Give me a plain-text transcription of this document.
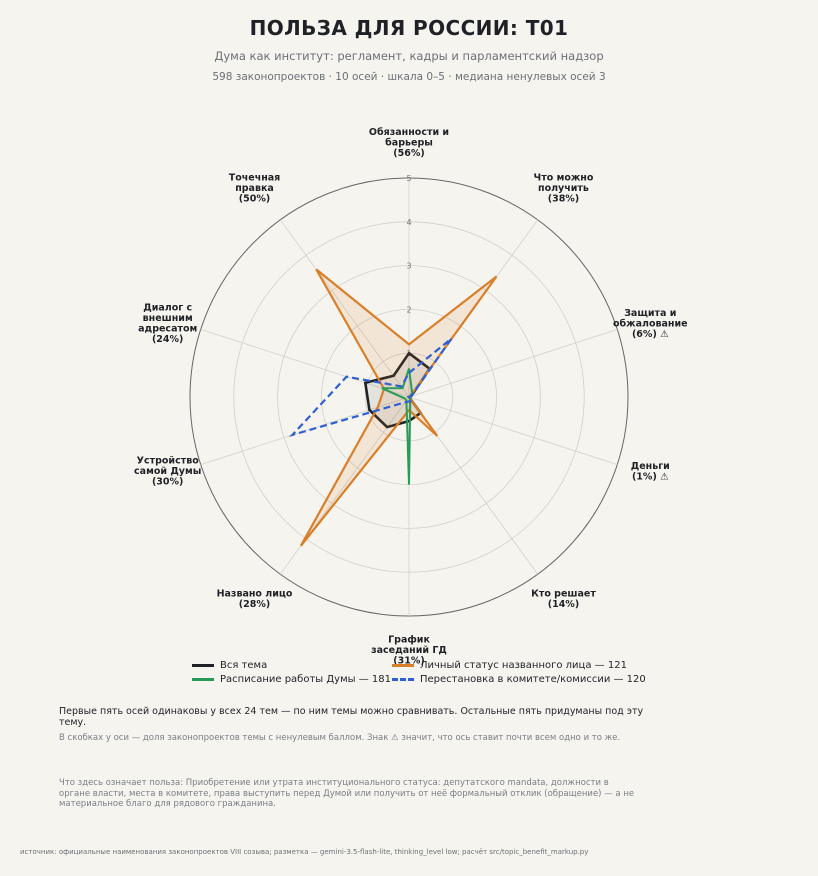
ПОЛЬЗА ДЛЯ РОССИИ: T01
Дума как институт: регламент, кадры и парламентский надзор
598 законопроектов · 10 осей · шкала 0–5 · медиана ненулевых осей 3
1
2
3
4
5
Обязанности и барьеры (56%)
Что можно получить (38%)
Защита и обжалование (6%) ⚠
Деньги (1%) ⚠
Кто решает (14%)
График заседаний ГД (31%)
Названо лицо (28%)
Устройство самой Думы (30%)
Диалог с внешним адресатом (24%)
Точечная правка (50%)
Вся тема	Личный статус названного лица — 121
Расписание работы Думы — 181	Перестановка в комитете/комиссии — 120
Первые пять осей одинаковы у всех 24 тем — по ним темы можно сравнивать. Остальные пять придуманы под эту тему.
В скобках у оси — доля законопроектов темы с ненулевым баллом. Знак ⚠ значит, что ось ставит почти всем одно и то же.
Что здесь означает польза: Приобретение или утрата институционального статуса: депутатского mandata, должности в органе власти, места в комитете, права выступить перед Думой или получить от неё формальный отклик (обращение) — а не материальное благо для рядового гражданина.
источник: официальные наименования законопроектов VIII созыва; разметка — gemini-3.5-flash-lite, thinking_level low; расчёт src/topic_benefit_markup.py
